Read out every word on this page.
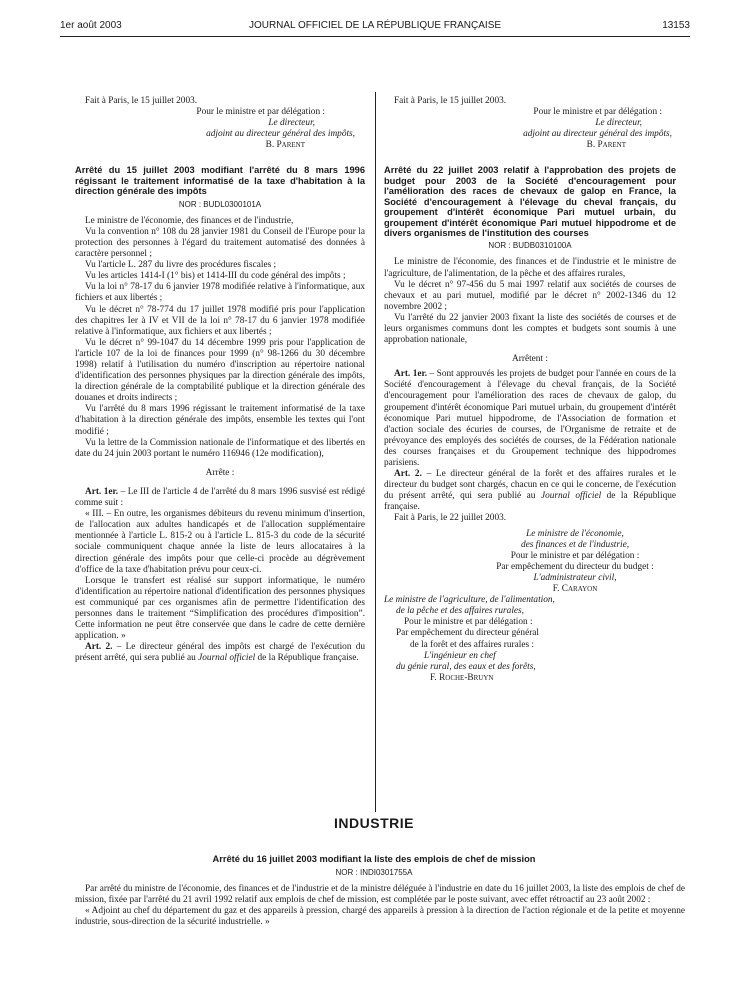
1er août 2003	JOURNAL OFFICIEL DE LA RÉPUBLIQUE FRANÇAISE	13153

Fait à Paris, le 15 juillet 2003.

Pour le ministre et par délégation :

Le directeur,

adjoint au directeur général des impôts,

B. Parent

Arrêté du 15 juillet 2003 modifiant l'arrêté du 8 mars 1996 régissant le traitement informatisé de la taxe d'habitation à la direction générale des impôts

NOR : BUDL0300101A

Le ministre de l'économie, des finances et de l'industrie,

Vu la convention n° 108 du 28 janvier 1981 du Conseil de l'Europe pour la protection des personnes à l'égard du traitement automatisé des données à caractère personnel ;

Vu l'article L. 287 du livre des procédures fiscales ;

Vu les articles 1414-I (1° bis) et 1414-III du code général des impôts ;

Vu la loi n° 78-17 du 6 janvier 1978 modifiée relative à l'informatique, aux fichiers et aux libertés ;

Vu le décret n° 78-774 du 17 juillet 1978 modifié pris pour l'application des chapitres Ier à IV et VII de la loi n° 78-17 du 6 janvier 1978 modifiée relative à l'informatique, aux fichiers et aux libertés ;

Vu le décret n° 99-1047 du 14 décembre 1999 pris pour l'application de l'article 107 de la loi de finances pour 1999 (n° 98-1266 du 30 décembre 1998) relatif à l'utilisation du numéro d'inscription au répertoire national d'identification des personnes physiques par la direction générale des impôts, la direction générale de la comptabilité publique et la direction générale des douanes et droits indirects ;

Vu l'arrêté du 8 mars 1996 régissant le traitement informatisé de la taxe d'habitation à la direction générale des impôts, ensemble les textes qui l'ont modifié ;

Vu la lettre de la Commission nationale de l'informatique et des libertés en date du 24 juin 2003 portant le numéro 116946 (12e modification),

Arrête :

Art. 1er. – Le III de l'article 4 de l'arrêté du 8 mars 1996 susvisé est rédigé comme suit :

« III. – En outre, les organismes débiteurs du revenu minimum d'insertion, de l'allocation aux adultes handicapés et de l'allocation supplémentaire mentionnée à l'article L. 815-2 ou à l'article L. 815-3 du code de la sécurité sociale communiquent chaque année la liste de leurs allocataires à la direction générale des impôts pour que celle-ci procède au dégrèvement d'office de la taxe d'habitation prévu pour ceux-ci.

Lorsque le transfert est réalisé sur support informatique, le numéro d'identification au répertoire national d'identification des personnes physiques est communiqué par ces organismes afin de permettre l'identification des personnes dans le traitement “Simplification des procédures d'imposition”. Cette information ne peut être conservée que dans le cadre de cette dernière application. »

Art. 2. – Le directeur général des impôts est chargé de l'exécution du présent arrêté, qui sera publié au Journal officiel de la République française.

Fait à Paris, le 15 juillet 2003.

Pour le ministre et par délégation :

Le directeur,

adjoint au directeur général des impôts,

B. Parent

Arrêté du 22 juillet 2003 relatif à l'approbation des projets de budget pour 2003 de la Société d'encouragement pour l'amélioration des races de chevaux de galop en France, la Société d'encouragement à l'élevage du cheval français, du groupement d'intérêt économique Pari mutuel urbain, du groupement d'intérêt économique Pari mutuel hippodrome et de divers organismes de l'institution des courses

NOR : BUDB0310100A

Le ministre de l'économie, des finances et de l'industrie et le ministre de l'agriculture, de l'alimentation, de la pêche et des affaires rurales,

Vu le décret n° 97-456 du 5 mai 1997 relatif aux sociétés de courses de chevaux et au pari mutuel, modifié par le décret n° 2002-1346 du 12 novembre 2002 ;

Vu l'arrêté du 22 janvier 2003 fixant la liste des sociétés de courses et de leurs organismes communs dont les comptes et budgets sont soumis à une approbation nationale,

Arrêtent :

Art. 1er. – Sont approuvés les projets de budget pour l'année en cours de la Société d'encouragement à l'élevage du cheval français, de la Société d'encouragement pour l'amélioration des races de chevaux de galop, du groupement d'intérêt économique Pari mutuel urbain, du groupement d'intérêt économique Pari mutuel hippodrome, de l'Association de formation et d'action sociale des écuries de courses, de l'Organisme de retraite et de prévoyance des employés des sociétés de courses, de la Fédération nationale des courses françaises et du Groupement technique des hippodromes parisiens.

Art. 2. – Le directeur général de la forêt et des affaires rurales et le directeur du budget sont chargés, chacun en ce qui le concerne, de l'exécution du présent arrêté, qui sera publié au Journal officiel de la République française.

Fait à Paris, le 22 juillet 2003.

Le ministre de l'économie,

des finances et de l'industrie,

Pour le ministre et par délégation :

Par empêchement du directeur du budget :

L'administrateur civil,

F. Carayon

Le ministre de l'agriculture, de l'alimentation,

de la pêche et des affaires rurales,

Pour le ministre et par délégation :

Par empêchement du directeur général

de la forêt et des affaires rurales :

L'ingénieur en chef

du génie rural, des eaux et des forêts,

F. Roche-Bruyn

INDUSTRIE
Arrêté du 16 juillet 2003 modifiant la liste des emplois de chef de mission
NOR : INDI0301755A

Par arrêté du ministre de l'économie, des finances et de l'industrie et de la ministre déléguée à l'industrie en date du 16 juillet 2003, la liste des emplois de chef de mission, fixée par l'arrêté du 21 avril 1992 relatif aux emplois de chef de mission, est complétée par le poste suivant, avec effet rétroactif au 23 août 2002 :

« Adjoint au chef du département du gaz et des appareils à pression, chargé des appareils à pression à la direction de l'action régionale et de la petite et moyenne industrie, sous-direction de la sécurité industrielle. »
